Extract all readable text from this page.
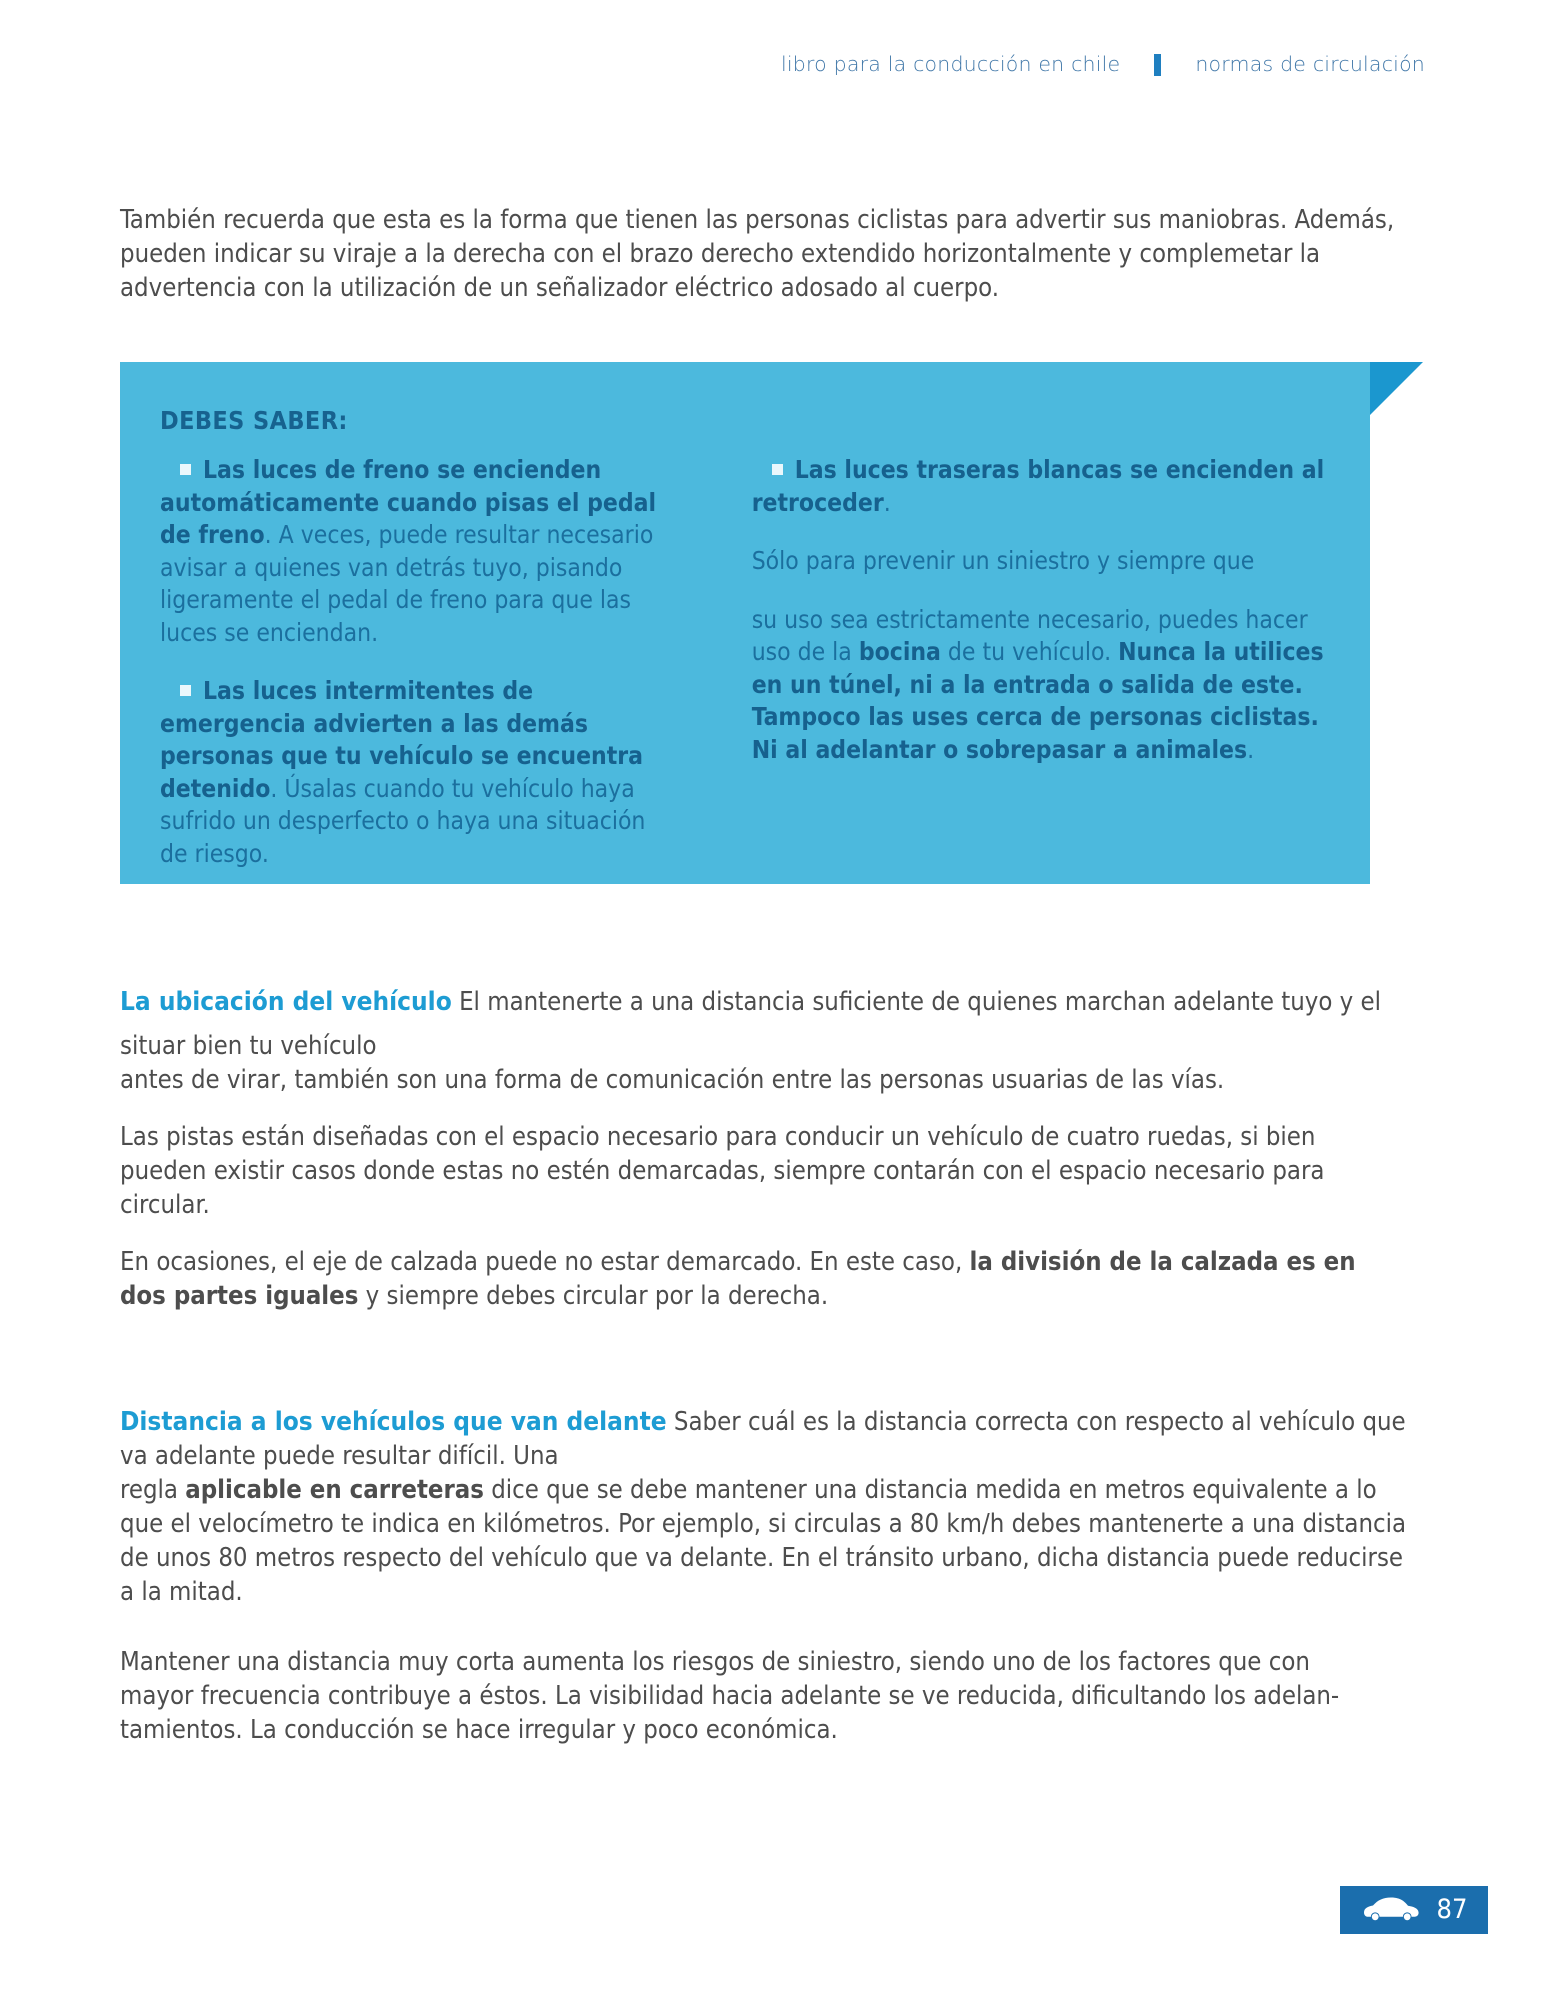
libro para la conducción en chile	normas de circulación

También recuerda que esta es la forma que tienen las personas ciclistas para advertir sus maniobras. Además, pueden indicar su viraje a la derecha con el brazo derecho extendido horizontalmente y complemetar la advertencia con la utilización de un señalizador eléctrico adosado al cuerpo.

DEBES SABER:

Las luces de freno se encienden automáticamente cuando pisas el pedal de freno. A veces, puede resultar necesario avisar a quienes van detrás tuyo, pisando ligeramente el pedal de freno para que las luces se enciendan.

Las luces intermitentes de emergencia advierten a las demás personas que tu vehículo se encuentra detenido. Úsalas cuando tu vehículo haya sufrido un desperfecto o haya una situación de riesgo.

Las luces traseras blancas se encienden al retroceder.

Sólo para prevenir un siniestro y siempre que

su uso sea estrictamente necesario, puedes hacer uso de la bocina de tu vehículo. Nunca la utilices en un túnel, ni a la entrada o salida de este. Tampoco las uses cerca de personas ciclistas. Ni al adelantar o sobrepasar a animales.

La ubicación del vehículo El mantenerte a una distancia suficiente de quienes marchan adelante tuyo y el

situar bien tu vehículo

antes de virar, también son una forma de comunicación entre las personas usuarias de las vías.

Las pistas están diseñadas con el espacio necesario para conducir un vehículo de cuatro ruedas, si bien

pueden existir casos donde estas no estén demarcadas, siempre contarán con el espacio necesario para

circular.

En ocasiones, el eje de calzada puede no estar demarcado. En este caso, la división de la calzada es en

dos partes iguales y siempre debes circular por la derecha.

Distancia a los vehículos que van delante Saber cuál es la distancia correcta con respecto al vehículo que

va adelante puede resultar difícil. Una

regla aplicable en carreteras dice que se debe mantener una distancia medida en metros equivalente a lo que el velocímetro te indica en kilómetros. Por ejemplo, si circulas a 80 km/h debes mantenerte a una distancia de unos 80 metros respecto del vehículo que va delante. En el tránsito urbano, dicha distancia puede reducirse a la mitad.

Mantener una distancia muy corta aumenta los riesgos de siniestro, siendo uno de los factores que con

mayor frecuencia contribuye a éstos. La visibilidad hacia adelante se ve reducida, dificultando los adelan-

tamientos. La conducción se hace irregular y poco económica.

87
